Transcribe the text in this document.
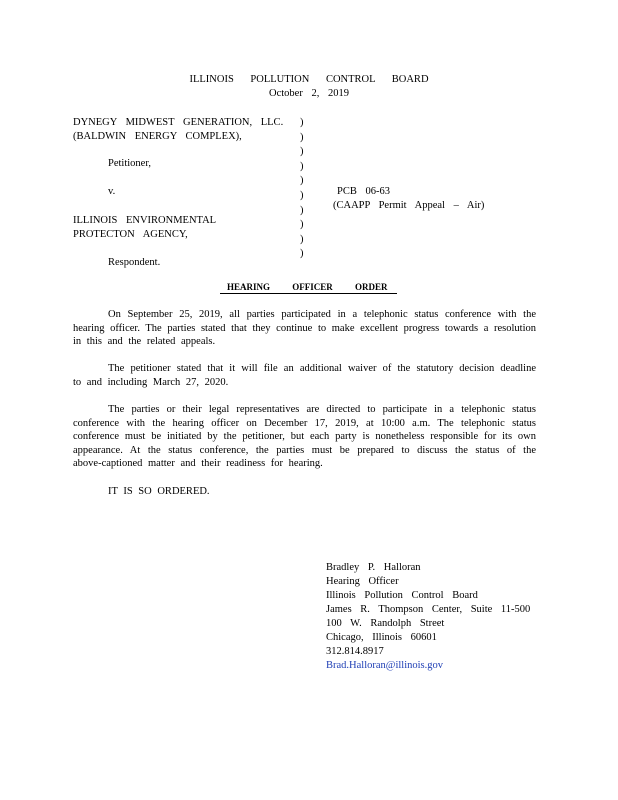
ILLINOIS POLLUTION CONTROL BOARD
October 2, 2019
DYNEGY MIDWEST GENERATION, LLC.
(BALDWIN ENERGY COMPLEX),
Petitioner,
v.
ILLINOIS ENVIRONMENTAL
PROTECTON AGENCY,
Respondent.
)
)
)
)
)
)
)
)
)
)
PCB 06-63
(CAAPP Permit Appeal – Air)
HEARING OFFICER ORDER
On September 25, 2019, all parties participated in a telephonic status conference with the hearing officer. The parties stated that they continue to make excellent progress towards a resolution in this and the related appeals.
The petitioner stated that it will file an additional waiver of the statutory decision deadline to and including March 27, 2020.
The parties or their legal representatives are directed to participate in a telephonic status conference with the hearing officer on December 17, 2019, at 10:00 a.m. The telephonic status conference must be initiated by the petitioner, but each party is nonetheless responsible for its own appearance. At the status conference, the parties must be prepared to discuss the status of the above-captioned matter and their readiness for hearing.
IT IS SO ORDERED.
Bradley P. Halloran
Hearing Officer
Illinois Pollution Control Board
James R. Thompson Center, Suite 11-500
100 W. Randolph Street
Chicago, Illinois 60601
312.814.8917
Brad.Halloran@illinois.gov
